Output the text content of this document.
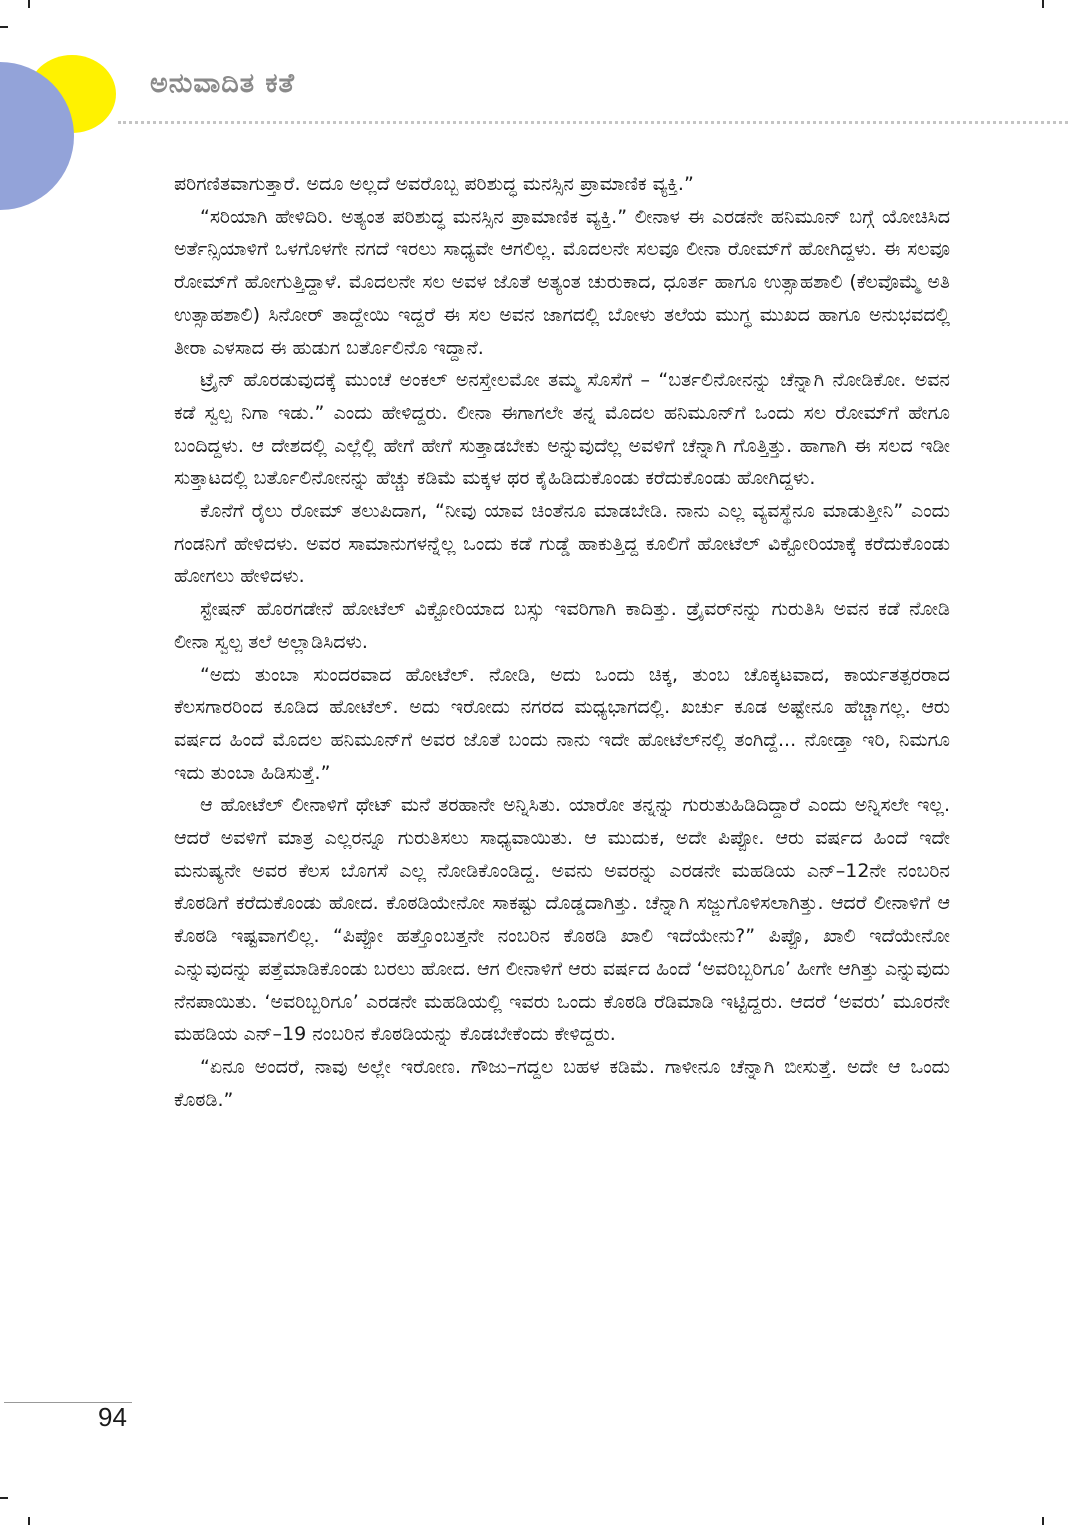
ಅನುವಾದಿತ ಕತೆ

ಪರಿಗಣಿತವಾಗುತ್ತಾರೆ. ಅದೂ ಅಲ್ಲದೆ ಅವರೊಬ್ಬ ಪರಿಶುದ್ಧ ಮನಸ್ಸಿನ ಪ್ರಾಮಾಣಿಕ ವ್ಯಕ್ತಿ.”

“ಸರಿಯಾಗಿ ಹೇಳಿದಿರಿ. ಅತ್ಯಂತ ಪರಿಶುದ್ಧ ಮನಸ್ಸಿನ ಪ್ರಾಮಾಣಿಕ ವ್ಯಕ್ತಿ.” ಲೀನಾಳ ಈ ಎರಡನೇ ಹನಿಮೂನ್ ಬಗ್ಗೆ ಯೋಚಿಸಿದ ಅರ್ತೆನ್ಸಿಯಾಳಿಗೆ ಒಳಗೊಳಗೇ ನಗದೆ ಇರಲು ಸಾಧ್ಯವೇ ಆಗಲಿಲ್ಲ. ಮೊದಲನೇ ಸಲವೂ ಲೀನಾ ರೋಮ್‌ಗೆ ಹೋಗಿದ್ದಳು. ಈ ಸಲವೂ ರೋಮ್‌ಗೆ ಹೋಗುತ್ತಿದ್ದಾಳೆ. ಮೊದಲನೇ ಸಲ ಅವಳ ಜೊತೆ ಅತ್ಯಂತ ಚುರುಕಾದ, ಧೂರ್ತ ಹಾಗೂ ಉತ್ಸಾಹಶಾಲಿ (ಕೆಲವೊಮ್ಮೆ ಅತಿ ಉತ್ಸಾಹಶಾಲಿ) ಸಿನೋರ್ ತಾದ್ದೇಯಿ ಇದ್ದರೆ ಈ ಸಲ ಅವನ ಜಾಗದಲ್ಲಿ ಬೋಳು ತಲೆಯ ಮುಗ್ಧ ಮುಖದ ಹಾಗೂ ಅನುಭವದಲ್ಲಿ ತೀರಾ ಎಳಸಾದ ಈ ಹುಡುಗ ಬರ್ತೊಲಿನೊ ಇದ್ದಾನೆ.

ಟ್ರೈನ್ ಹೊರಡುವುದಕ್ಕೆ ಮುಂಚೆ ಅಂಕಲ್ ಅನಸ್ತೇಲಮೋ ತಮ್ಮ ಸೊಸೆಗೆ – “ಬರ್ತಲಿನೋನನ್ನು ಚೆನ್ನಾಗಿ ನೋಡಿಕೋ. ಅವನ ಕಡೆ ಸ್ವಲ್ಪ ನಿಗಾ ಇಡು.” ಎಂದು ಹೇಳಿದ್ದರು. ಲೀನಾ ಈಗಾಗಲೇ ತನ್ನ ಮೊದಲ ಹನಿಮೂನ್‌ಗೆ ಒಂದು ಸಲ ರೋಮ್‌ಗೆ ಹೇಗೂ ಬಂದಿದ್ದಳು. ಆ ದೇಶದಲ್ಲಿ ಎಲ್ಲೆಲ್ಲಿ ಹೇಗೆ ಹೇಗೆ ಸುತ್ತಾಡಬೇಕು ಅನ್ನುವುದೆಲ್ಲ ಅವಳಿಗೆ ಚೆನ್ನಾಗಿ ಗೊತ್ತಿತ್ತು. ಹಾಗಾಗಿ ಈ ಸಲದ ಇಡೀ ಸುತ್ತಾಟದಲ್ಲಿ ಬರ್ತೊಲಿನೋನನ್ನು ಹೆಚ್ಚು ಕಡಿಮೆ ಮಕ್ಕಳ ಥರ ಕೈಹಿಡಿದುಕೊಂಡು ಕರೆದುಕೊಂಡು ಹೋಗಿದ್ದಳು.

ಕೊನೆಗೆ ರೈಲು ರೋಮ್ ತಲುಪಿದಾಗ, “ನೀವು ಯಾವ ಚಿಂತೆನೂ ಮಾಡಬೇಡಿ. ನಾನು ಎಲ್ಲ ವ್ಯವಸ್ಥೆನೂ ಮಾಡುತ್ತೀನಿ” ಎಂದು ಗಂಡನಿಗೆ ಹೇಳಿದಳು. ಅವರ ಸಾಮಾನುಗಳನ್ನೆಲ್ಲ ಒಂದು ಕಡೆ ಗುಡ್ಡೆ ಹಾಕುತ್ತಿದ್ದ ಕೂಲಿಗೆ ಹೋಟೆಲ್ ವಿಕ್ಟೋರಿಯಾಕ್ಕೆ ಕರೆದುಕೊಂಡು ಹೋಗಲು ಹೇಳಿದಳು.

ಸ್ಟೇಷನ್ ಹೊರಗಡೇನೆ ಹೋಟೆಲ್ ವಿಕ್ಟೋರಿಯಾದ ಬಸ್ಸು ಇವರಿಗಾಗಿ ಕಾದಿತ್ತು. ಡ್ರೈವರ್‌ನನ್ನು ಗುರುತಿಸಿ ಅವನ ಕಡೆ ನೋಡಿ ಲೀನಾ ಸ್ವಲ್ಪ ತಲೆ ಅಲ್ಲಾಡಿಸಿದಳು.

“ಅದು ತುಂಬಾ ಸುಂದರವಾದ ಹೋಟೆಲ್. ನೋಡಿ, ಅದು ಒಂದು ಚಿಕ್ಕ, ತುಂಬ ಚೊಕ್ಕಟವಾದ, ಕಾರ್ಯತತ್ಪರರಾದ ಕೆಲಸಗಾರರಿಂದ ಕೂಡಿದ ಹೋಟೆಲ್. ಅದು ಇರೋದು ನಗರದ ಮಧ್ಯಭಾಗದಲ್ಲಿ. ಖರ್ಚು ಕೂಡ ಅಷ್ಟೇನೂ ಹೆಚ್ಚಾಗಲ್ಲ. ಆರು ವರ್ಷದ ಹಿಂದೆ ಮೊದಲ ಹನಿಮೂನ್‌ಗೆ ಅವರ ಜೊತೆ ಬಂದು ನಾನು ಇದೇ ಹೋಟೆಲ್‌ನಲ್ಲಿ ತಂಗಿದ್ದೆ... ನೋಡ್ತಾ ಇರಿ, ನಿಮಗೂ ಇದು ತುಂಬಾ ಹಿಡಿಸುತ್ತೆ.”

ಆ ಹೋಟೆಲ್ ಲೀನಾಳಿಗೆ ಥೇಟ್ ಮನೆ ತರಹಾನೇ ಅನ್ನಿಸಿತು. ಯಾರೋ ತನ್ನನ್ನು ಗುರುತುಹಿಡಿದಿದ್ದಾರೆ ಎಂದು ಅನ್ನಿಸಲೇ ಇಲ್ಲ. ಆದರೆ ಅವಳಿಗೆ ಮಾತ್ರ ಎಲ್ಲರನ್ನೂ ಗುರುತಿಸಲು ಸಾಧ್ಯವಾಯಿತು. ಆ ಮುದುಕ, ಅದೇ ಪಿಪ್ಪೋ. ಆರು ವರ್ಷದ ಹಿಂದೆ ಇದೇ ಮನುಷ್ಯನೇ ಅವರ ಕೆಲಸ ಬೊಗಸೆ ಎಲ್ಲ ನೋಡಿಕೊಂಡಿದ್ದ. ಅವನು ಅವರನ್ನು ಎರಡನೇ ಮಹಡಿಯ ಎನ್–12ನೇ ನಂಬರಿನ ಕೊಠಡಿಗೆ ಕರೆದುಕೊಂಡು ಹೋದ. ಕೊಠಡಿಯೇನೋ ಸಾಕಷ್ಟು ದೊಡ್ಡದಾಗಿತ್ತು. ಚೆನ್ನಾಗಿ ಸಜ್ಜುಗೊಳಿಸಲಾಗಿತ್ತು. ಆದರೆ ಲೀನಾಳಿಗೆ ಆ ಕೊಠಡಿ ಇಷ್ಟವಾಗಲಿಲ್ಲ. “ಪಿಪ್ಪೋ ಹತ್ತೊಂಬತ್ತನೇ ನಂಬರಿನ ಕೊಠಡಿ ಖಾಲಿ ಇದೆಯೇನು?” ಪಿಪ್ಪೊ, ಖಾಲಿ ಇದೆಯೇನೋ ಎನ್ನುವುದನ್ನು ಪತ್ತೆಮಾಡಿಕೊಂಡು ಬರಲು ಹೋದ. ಆಗ ಲೀನಾಳಿಗೆ ಆರು ವರ್ಷದ ಹಿಂದೆ ‘ಅವರಿಬ್ಬರಿಗೂ’ ಹೀಗೇ ಆಗಿತ್ತು ಎನ್ನುವುದು ನೆನಪಾಯಿತು. ‘ಅವರಿಬ್ಬರಿಗೂ’ ಎರಡನೇ ಮಹಡಿಯಲ್ಲಿ ಇವರು ಒಂದು ಕೊಠಡಿ ರೆಡಿಮಾಡಿ ಇಟ್ಟಿದ್ದರು. ಆದರೆ ‘ಅವರು’ ಮೂರನೇ ಮಹಡಿಯ ಎನ್–19 ನಂಬರಿನ ಕೊಠಡಿಯನ್ನು ಕೊಡಬೇಕೆಂದು ಕೇಳಿದ್ದರು.

“ಏನೂ ಅಂದರೆ, ನಾವು ಅಲ್ಲೇ ಇರೋಣ. ಗೌಜು–ಗದ್ದಲ ಬಹಳ ಕಡಿಮೆ. ಗಾಳೀನೂ ಚೆನ್ನಾಗಿ ಬೀಸುತ್ತೆ. ಅದೇ ಆ ಒಂದು ಕೊಠಡಿ.”

94
